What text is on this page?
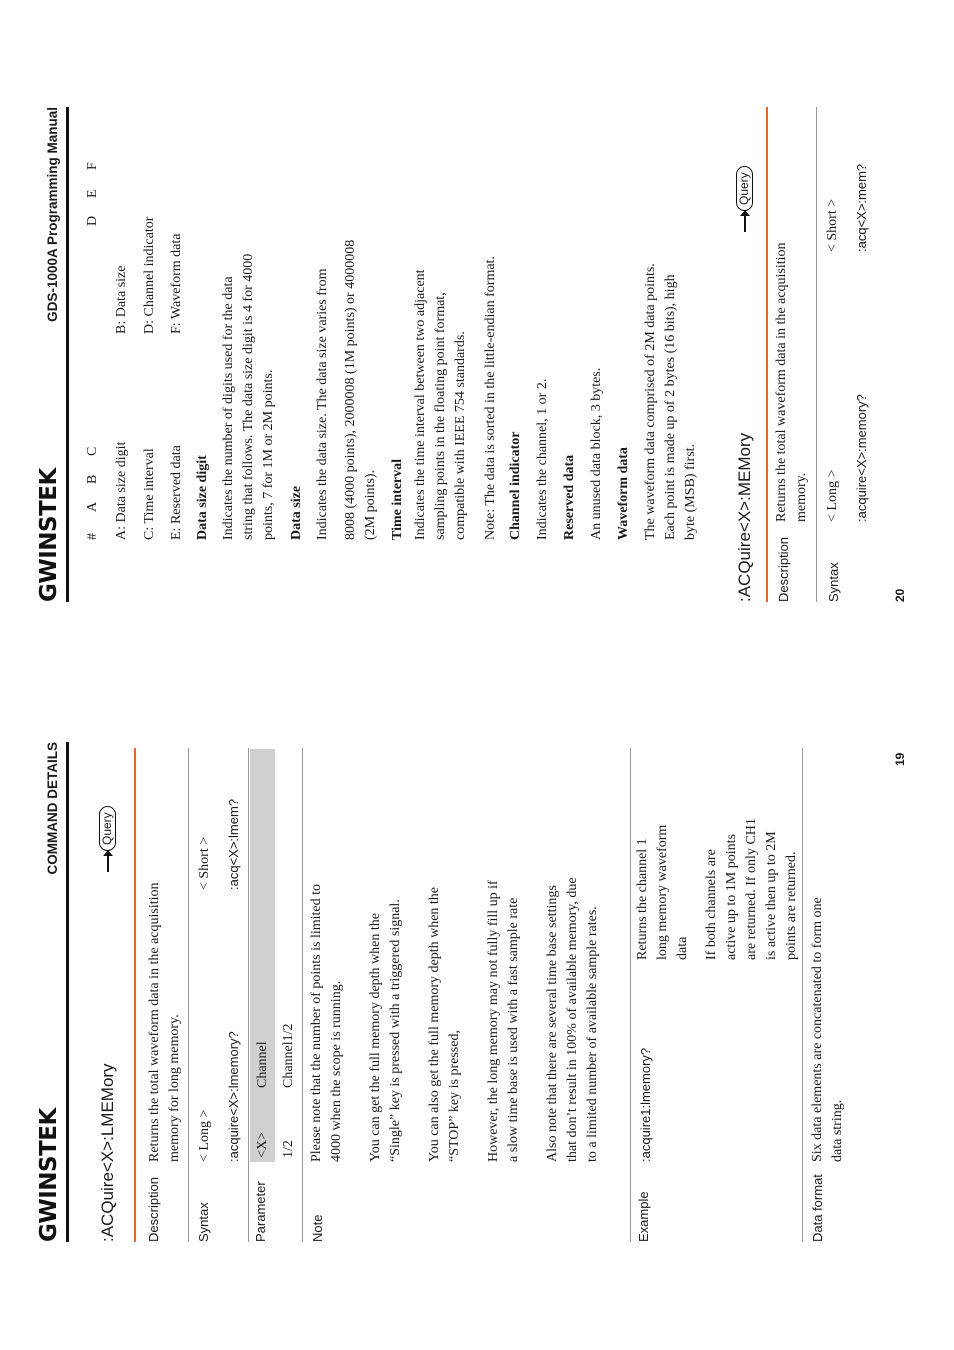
GWINSTEK
COMMAND DETAILS
:ACQuire<X>:LMEMory
Query
Description
Returns the total waveform data in the acquisition memory for long memory.
Syntax
< Long >
< Short >
:acquire<X>:lmemory?
:acq<X>:lmem?
Parameter
<X>
Channel
1/2
Channel1/2
Note
Please note that the number of points is limited to 4000 when the scope is running. You can get the full memory depth when the “Single” key is pressed with a triggered signal. You can also get the full memory depth when the “STOP” key is pressed, However, the long memory may not fully fill up if a slow time base is used with a fast sample rate Also note that there are several time base settings that don’t result in 100% of available memory, due to a limited number of available sample rates.
Example
:acquire1:lmemory?
Returns the channel 1 long memory waveform data If both channels are active up to 1M points are returned. If only CH1 is active then up to 2M points are returned.
Data format
Six data elements are concatenated to form one data string.
19
GWINSTEK
GDS-1000A Programming Manual
#
A
B
C
D
E
F
A: Data size digit
B: Data size
C: Time interval
D: Channel indicator
E: Reserved data
F: Waveform data
Data size digit Indicates the number of digits used for the data string that follows. The data size digit is 4 for 4000 points, 7 for 1M or 2M points. Data size Indicates the data size. The data size varies from 8008 (4000 points), 2000008 (1M points) or 4000008 (2M points). Time interval Indicates the time interval between two adjacent sampling points in the floating point format, compatible with IEEE 754 standards. Note: The data is sorted in the little-endian format. Channel indicator Indicates the channel, 1 or 2. Reserved data An unused data block, 3 bytes. Waveform data The waveform data comprised of 2M data points. Each point is made up of 2 bytes (16 bits), high byte (MSB) first. :ACQuire<X>:MEMory
Query
Description
Returns the total waveform data in the acquisition memory.
Syntax
< Long >
< Short >
:acquire<X>:memory?
:acq<X>:mem?
20
